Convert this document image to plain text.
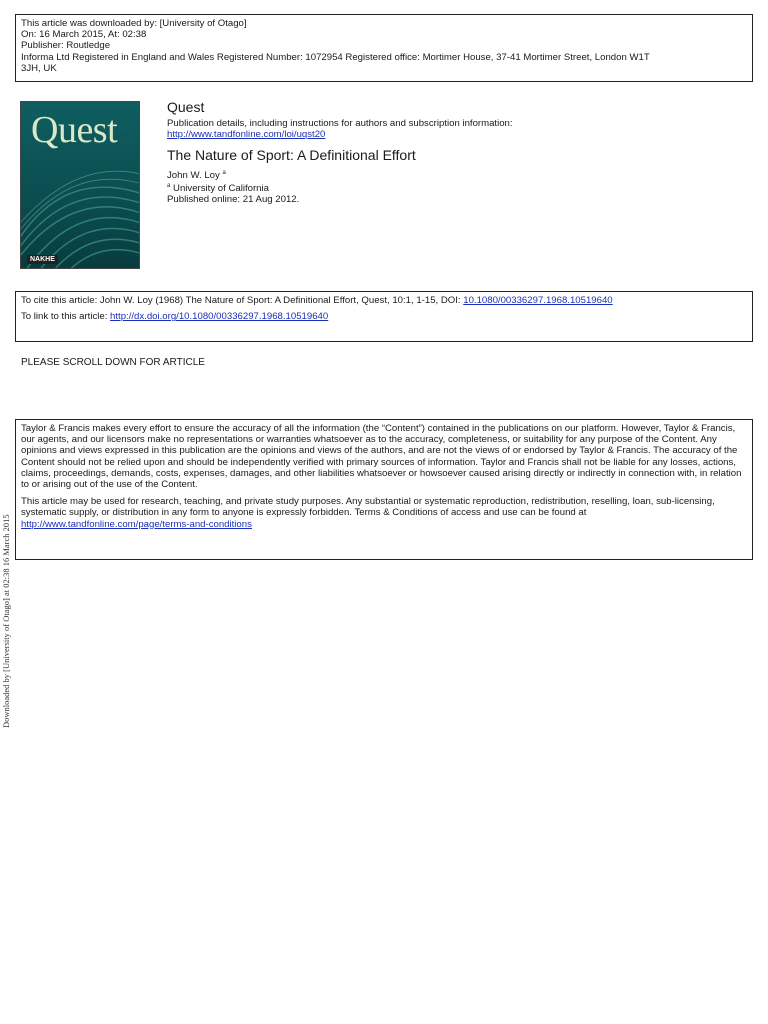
This article was downloaded by: [University of Otago]
On: 16 March 2015, At: 02:38
Publisher: Routledge
Informa Ltd Registered in England and Wales Registered Number: 1072954 Registered office: Mortimer House, 37-41 Mortimer Street, London W1T
3JH, UK
Quest
NAKHE
Quest
Publication details, including instructions for authors and subscription information:
http://www.tandfonline.com/loi/uqst20
The Nature of Sport: A Definitional Effort
John W. Loy $^a$
$^a$ University of California
Published online: 21 Aug 2012.
To cite this article: John W. Loy (1968) The Nature of Sport: A Definitional Effort, Quest, 10:1, 1-15, DOI: 10.1080/00336297.1968.10519640
To link to this article: http://dx.doi.org/10.1080/00336297.1968.10519640
PLEASE SCROLL DOWN FOR ARTICLE

Taylor & Francis makes every effort to ensure the accuracy of all the information (the “Content”) contained in the publications on our platform. However, Taylor & Francis, our agents, and our licensors make no representations or warranties whatsoever as to the accuracy, completeness, or suitability for any purpose of the Content. Any opinions and views expressed in this publication are the opinions and views of the authors, and are not the views of or endorsed by Taylor & Francis. The accuracy of the Content should not be relied upon and should be independently verified with primary sources of information. Taylor and Francis shall not be liable for any losses, actions, claims, proceedings, demands, costs, expenses, damages, and other liabilities whatsoever or howsoever caused arising directly or indirectly in connection with, in relation to or arising out of the use of the Content.

This article may be used for research, teaching, and private study purposes. Any substantial or systematic reproduction, redistribution, reselling, loan, sub-licensing, systematic supply, or distribution in any form to anyone is expressly forbidden. Terms & Conditions of access and use can be found at http://www.tandfonline.com/page/terms-and-conditions

Downloaded by [University of Otago] at 02:38 16 March 2015
